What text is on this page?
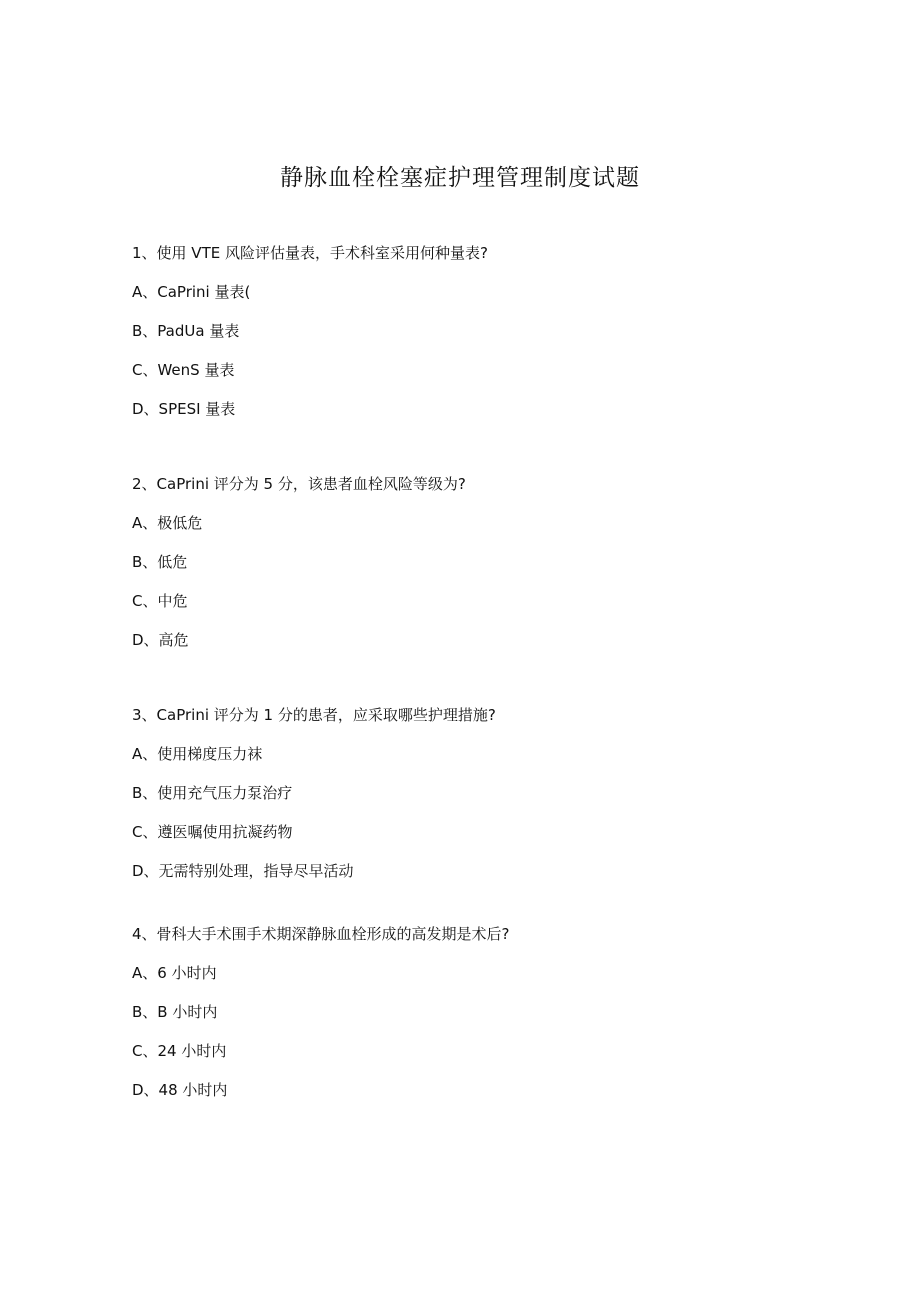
静脉血栓栓塞症护理管理制度试题
1、使用 VTE 风险评估量表，手术科室采用何种量表?
A、CaPrini 量表(
B、PadUa 量表
C、WenS 量表
D、SPESI 量表
2、CaPrini 评分为 5 分，该患者血栓风险等级为?
A、极低危
B、低危
C、中危
D、高危
3、CaPrini 评分为 1 分的患者，应采取哪些护理措施?
A、使用梯度压力袜
B、使用充气压力泵治疗
C、遵医嘱使用抗凝药物
D、无需特别处理，指导尽早活动
4、骨科大手术围手术期深静脉血栓形成的高发期是术后?
A、6 小时内
B、B 小时内
C、24 小时内
D、48 小时内
